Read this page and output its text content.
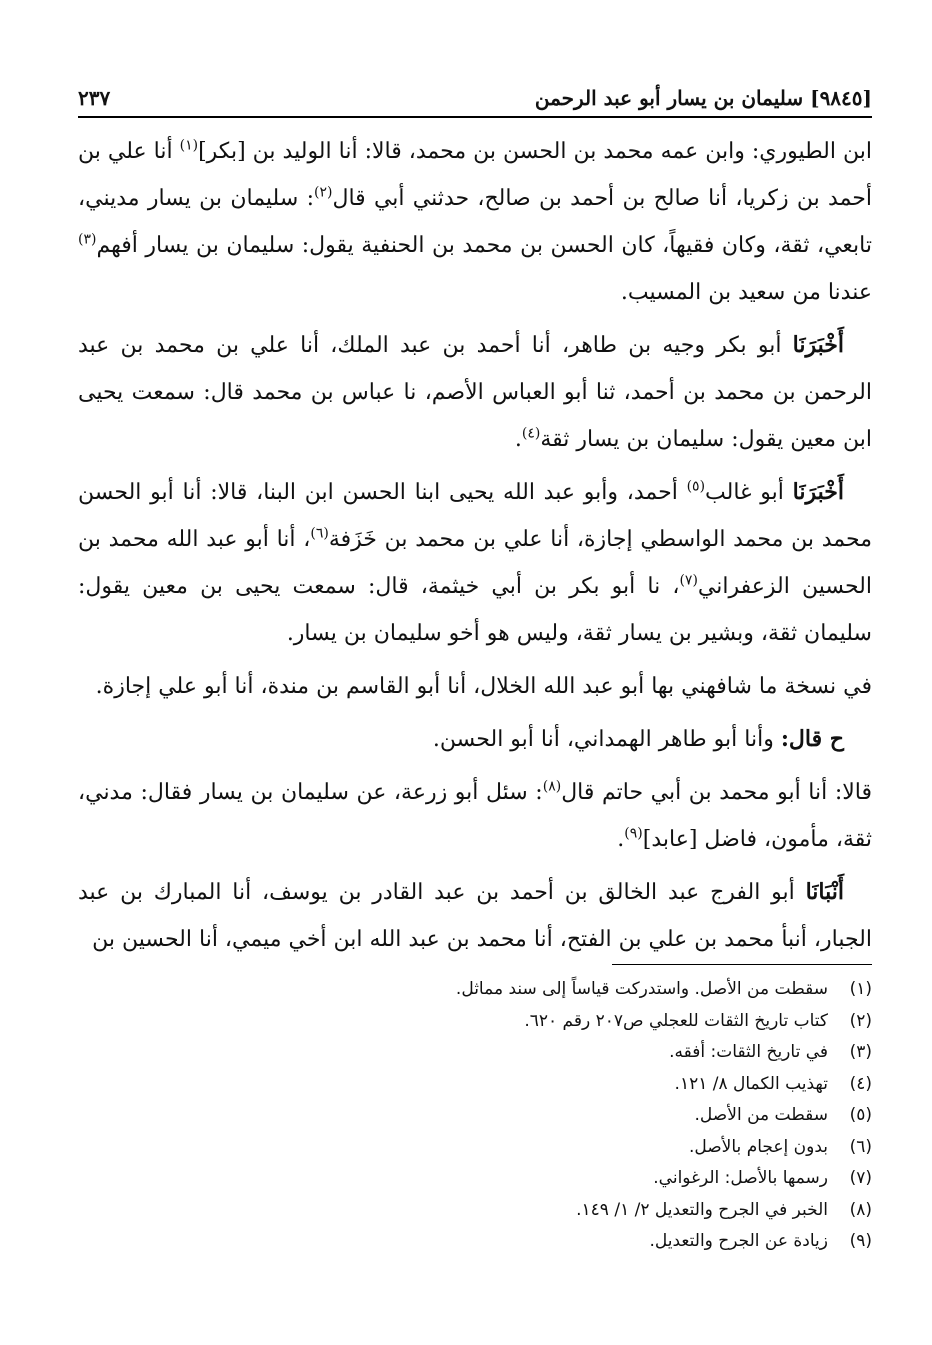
[٩٨٤٥] سليمان بن يسار أبو عبد الرحمن
٢٣٧

ابن الطيوري: وابن عمه محمد بن الحسن بن محمد، قالا: أنا الوليد بن [بكر]$^{(١)}$ أنا علي بن أحمد بن زكريا، أنا صالح بن أحمد بن صالح، حدثني أبي قال$^{(٢)}$: سليمان بن يسار مديني، تابعي، ثقة، وكان فقيهاً، كان الحسن بن محمد بن الحنفية يقول: سليمان بن يسار أفهم$^{(٣)}$ عندنا من سعيد بن المسيب.

أَخْبَرَنَا أبو بكر وجيه بن طاهر، أنا أحمد بن عبد الملك، أنا علي بن محمد بن عبد الرحمن بن محمد بن أحمد، ثنا أبو العباس الأصم، نا عباس بن محمد قال: سمعت يحيى ابن معين يقول: سليمان بن يسار ثقة$^{(٤)}$.

أَخْبَرَنَا أبو غالب$^{(٥)}$ أحمد، وأبو عبد الله يحيى ابنا الحسن ابن البنا، قالا: أنا أبو الحسن محمد بن محمد الواسطي إجازة، أنا علي بن محمد بن خَزَفة$^{(٦)}$، أنا أبو عبد الله محمد بن الحسين الزعفراني$^{(٧)}$، نا أبو بكر بن أبي خيثمة، قال: سمعت يحيى بن معين يقول: سليمان ثقة، وبشير بن يسار ثقة، وليس هو أخو سليمان بن يسار.

في نسخة ما شافهني بها أبو عبد الله الخلال، أنا أبو القاسم بن مندة، أنا أبو علي إجازة.

ح قال: وأنا أبو طاهر الهمداني، أنا أبو الحسن.

قالا: أنا أبو محمد بن أبي حاتم قال$^{(٨)}$: سئل أبو زرعة، عن سليمان بن يسار فقال: مدني، ثقة، مأمون، فاضل [عابد]$^{(٩)}$.

أَنْبَانَا أبو الفرج عبد الخالق بن أحمد بن عبد القادر بن يوسف، أنا المبارك بن عبد الجبار، أنبأ محمد بن علي بن الفتح، أنا محمد بن عبد الله ابن أخي ميمي، أنا الحسين بن

(١)
سقطت من الأصل. واستدركت قياساً إلى سند مماثل.
(٢)
كتاب تاريخ الثقات للعجلي ص٢٠٧ رقم ٦٢٠.
(٣)
في تاريخ الثقات: أفقه.
(٤)
تهذيب الكمال ٨/ ١٢١.
(٥)
سقطت من الأصل.
(٦)
بدون إعجام بالأصل.
(٧)
رسمها بالأصل: الرغواني.
(٨)
الخبر في الجرح والتعديل ٢/ ١/ ١٤٩.
(٩)
زيادة عن الجرح والتعديل.
